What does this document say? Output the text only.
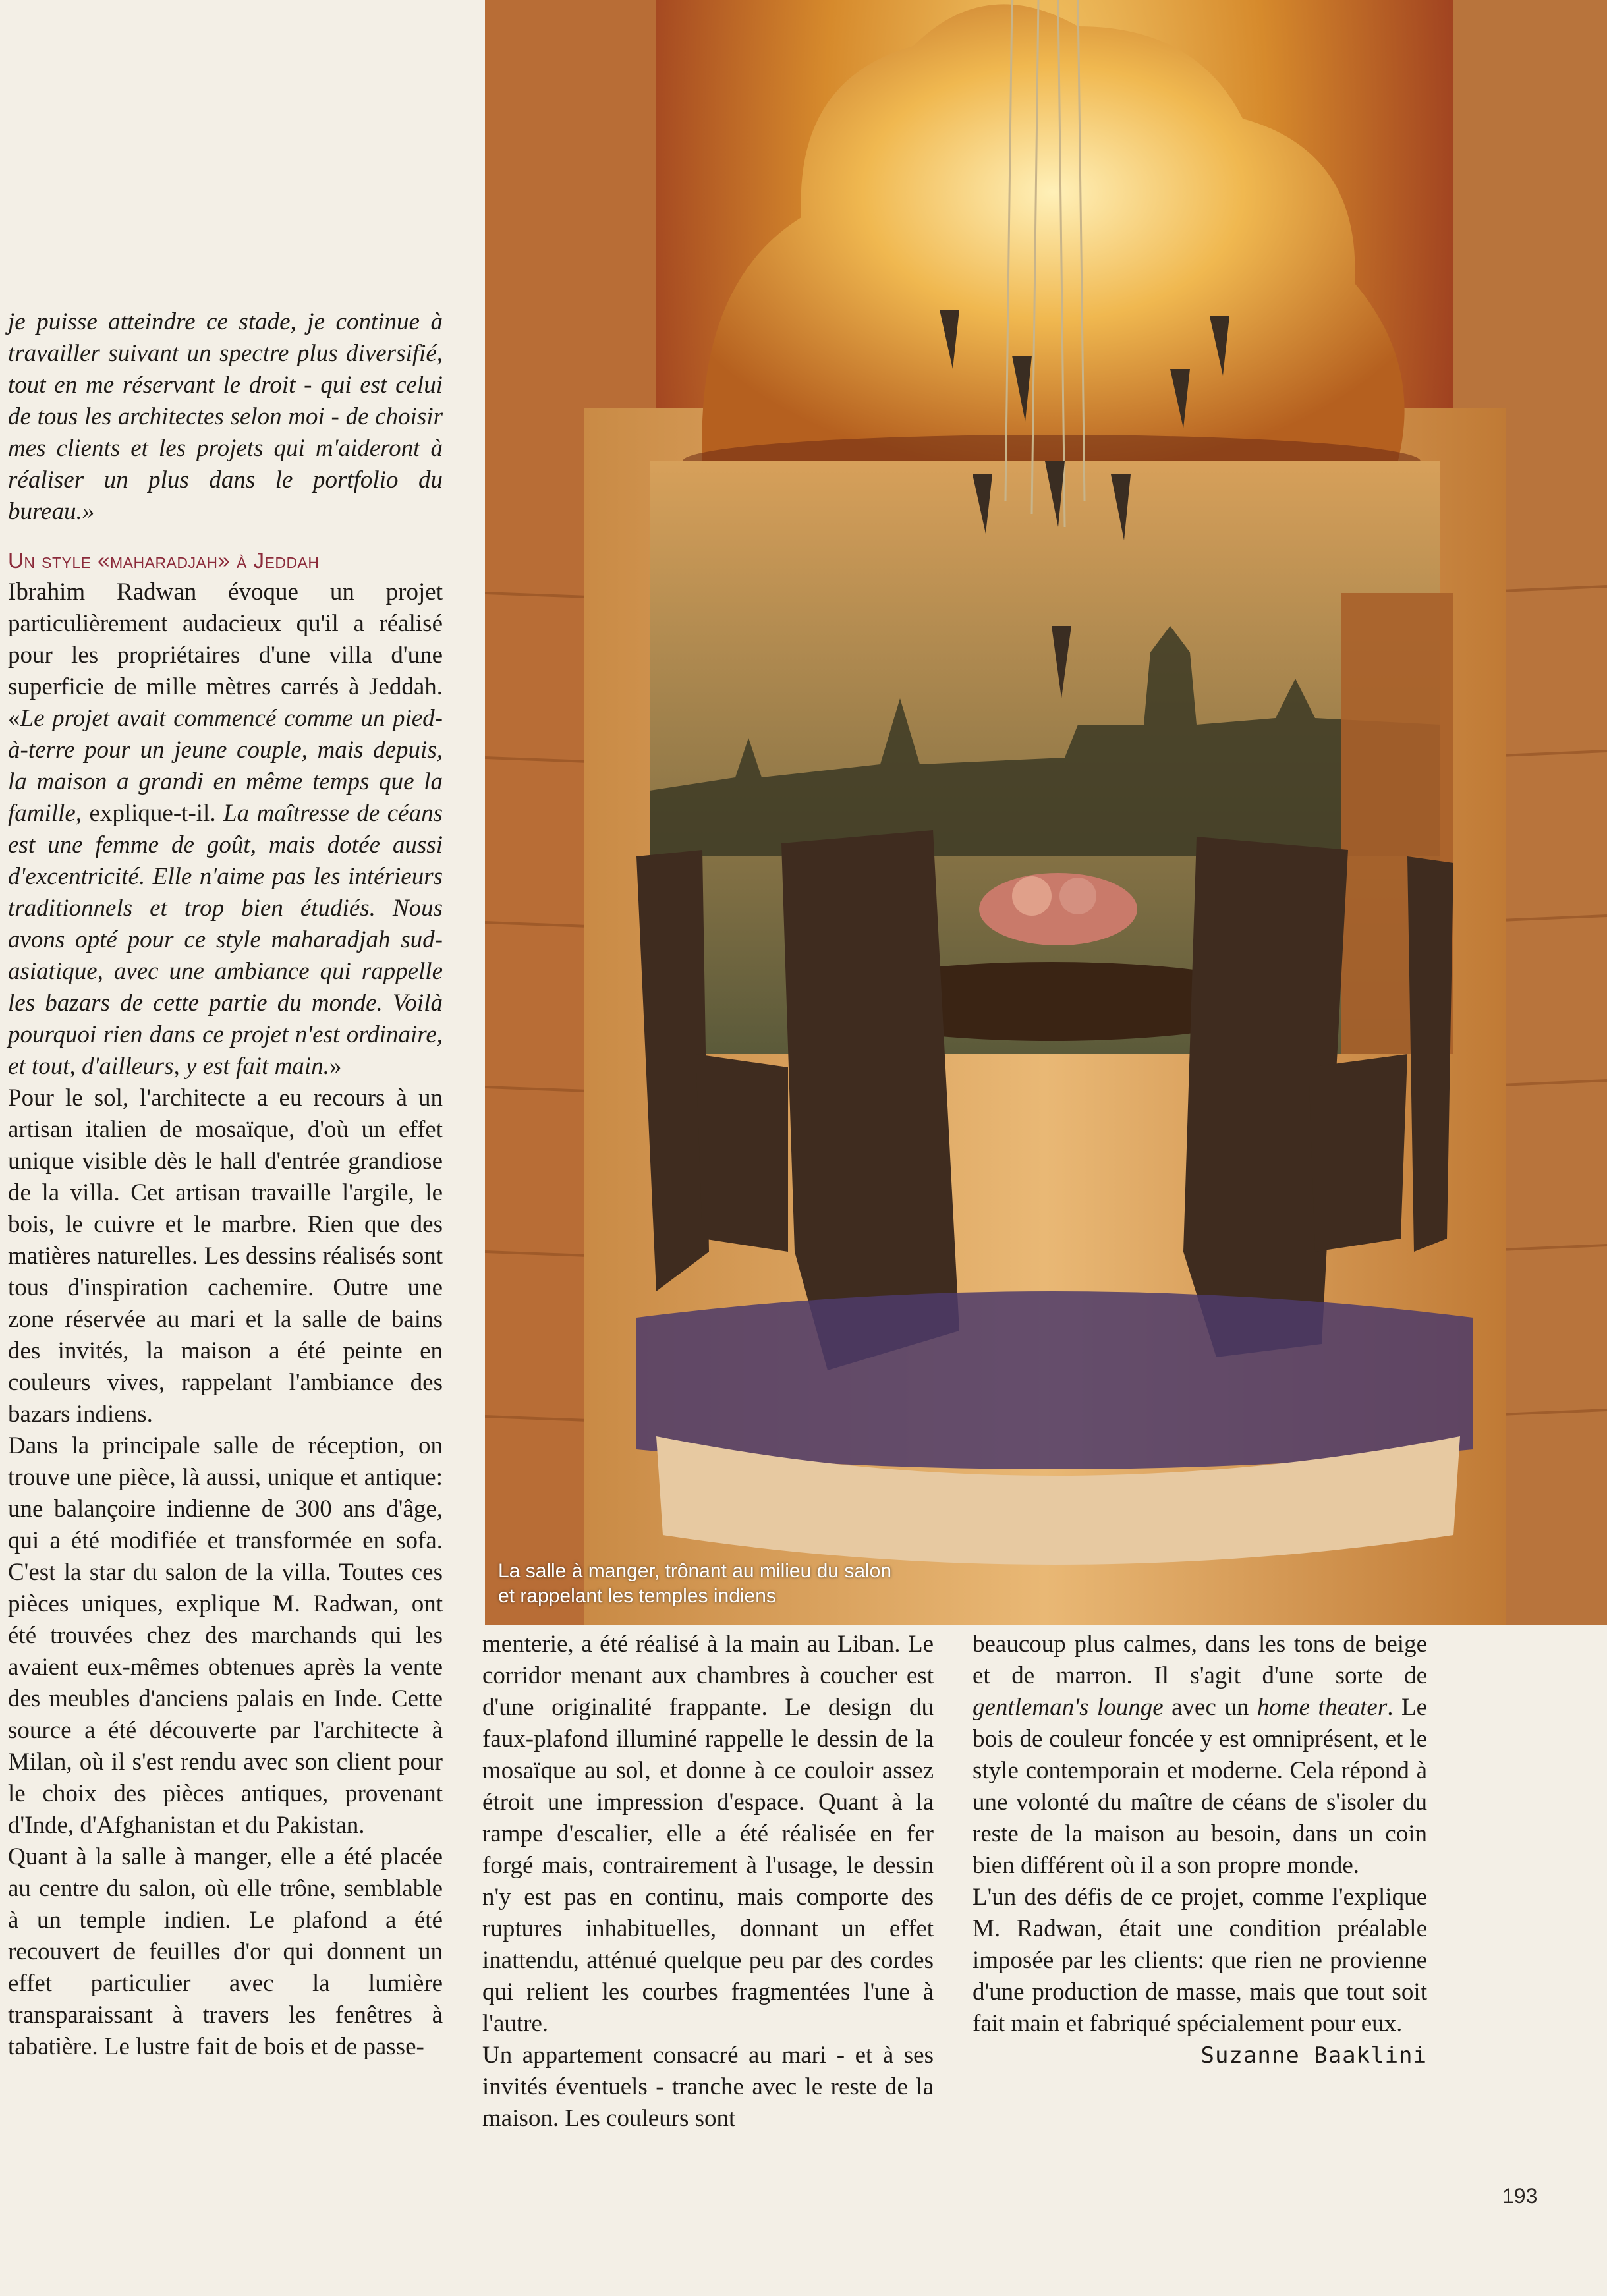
je puisse atteindre ce stade, je continue à travailler suivant un spectre plus diversifié, tout en me réservant le droit - qui est celui de tous les architectes selon moi - de choisir mes clients et les projets qui m'aideront à réaliser un plus dans le portfolio du bureau.»

Un style «maharadjah» à Jeddah

Ibrahim Radwan évoque un projet particulièrement audacieux qu'il a réalisé pour les propriétaires d'une villa d'une superficie de mille mètres carrés à Jeddah. «Le projet avait commencé comme un pied-à-terre pour un jeune couple, mais depuis, la maison a grandi en même temps que la famille, explique-t-il. La maîtresse de céans est une femme de goût, mais dotée aussi d'excentricité. Elle n'aime pas les intérieurs traditionnels et trop bien étudiés. Nous avons opté pour ce style maharadjah sud-asiatique, avec une ambiance qui rappelle les bazars de cette partie du monde. Voilà pourquoi rien dans ce projet n'est ordinaire, et tout, d'ailleurs, y est fait main.»

Pour le sol, l'architecte a eu recours à un artisan italien de mosaïque, d'où un effet unique visible dès le hall d'entrée grandiose de la villa. Cet artisan travaille l'argile, le bois, le cuivre et le marbre. Rien que des matières naturelles. Les dessins réalisés sont tous d'inspiration cachemire. Outre une zone réservée au mari et la salle de bains des invités, la maison a été peinte en couleurs vives, rappelant l'ambiance des bazars indiens.

Dans la principale salle de réception, on trouve une pièce, là aussi, unique et antique: une balançoire indienne de 300 ans d'âge, qui a été modifiée et transformée en sofa. C'est la star du salon de la villa. Toutes ces pièces uniques, explique M. Radwan, ont été trouvées chez des marchands qui les avaient eux-mêmes obtenues après la vente des meubles d'anciens palais en Inde. Cette source a été découverte par l'architecte à Milan, où il s'est rendu avec son client pour le choix des pièces antiques, provenant d'Inde, d'Afghanistan et du Pakistan.

Quant à la salle à manger, elle a été placée au centre du salon, où elle trône, semblable à un temple indien. Le plafond a été recouvert de feuilles d'or qui donnent un effet particulier avec la lumière transparaissant à travers les fenêtres à tabatière. Le lustre fait de bois et de passe-

La salle à manger, trônant au milieu du salon
et rappelant les temples indiens

menterie, a été réalisé à la main au Liban. Le corridor menant aux chambres à coucher est d'une originalité frappante. Le design du faux-plafond illuminé rappelle le dessin de la mosaïque au sol, et donne à ce couloir assez étroit une impression d'espace. Quant à la rampe d'escalier, elle a été réalisée en fer forgé mais, contrairement à l'usage, le dessin n'y est pas en continu, mais comporte des ruptures inhabituelles, donnant un effet inattendu, atténué quelque peu par des cordes qui relient les courbes fragmentées l'une à l'autre.

Un appartement consacré au mari - et à ses invités éventuels - tranche avec le reste de la maison. Les couleurs sont

beaucoup plus calmes, dans les tons de beige et de marron. Il s'agit d'une sorte de gentleman's lounge avec un home theater. Le bois de couleur foncée y est omniprésent, et le style contemporain et moderne. Cela répond à une volonté du maître de céans de s'isoler du reste de la maison au besoin, dans un coin bien différent où il a son propre monde.

L'un des défis de ce projet, comme l'explique M. Radwan, était une condition préalable imposée par les clients: que rien ne provienne d'une production de masse, mais que tout soit fait main et fabriqué spécialement pour eux.

Suzanne Baaklini

193
